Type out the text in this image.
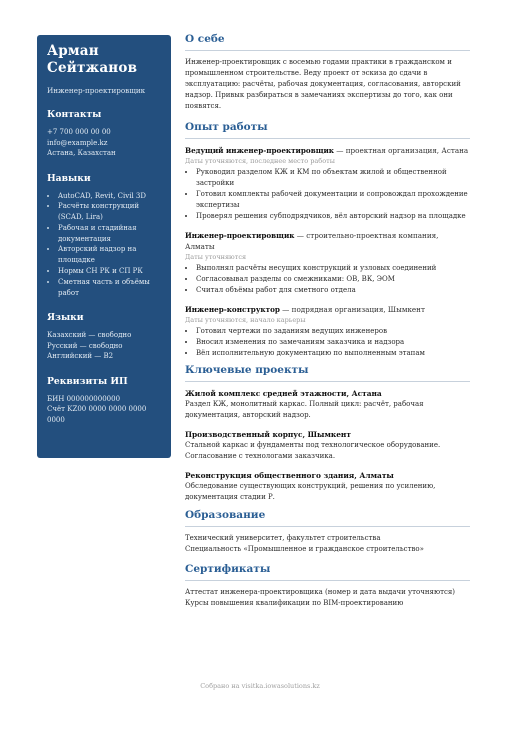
Арман
Сейтжанов
Инженер-проектировщик
Контакты
+7 700 000 00 00
info@example.kz
Астана, Казахстан
Навыки
• AutoCAD, Revit, Civil 3D
• Расчёты конструкций (SCAD, Lira)
• Рабочая и стадийная документация
• Авторский надзор на площадке
• Нормы СН РК и СП РК
• Сметная часть и объёмы работ
Языки
Казахский — свободно
Русский — свободно
Английский — B2
Реквизиты ИП
БИН 000000000000
Счёт KZ00 0000 0000 0000 0000
О себе
Инженер-проектировщик с восемью годами практики в гражданском и промышленном строительстве. Веду проект от эскиза до сдачи в эксплуатацию: расчёты, рабочая документация, согласования, авторский надзор. Привык разбираться в замечаниях экспертизы до того, как они появятся.
Опыт работы
Ведущий инженер-проектировщик — проектная организация, Астана
Даты уточняются, последнее место работы
• Руководил разделом КЖ и КМ по объектам жилой и общественной застройки
• Готовил комплекты рабочей документации и сопровождал прохождение экспертизы
• Проверял решения субподрядчиков, вёл авторский надзор на площадке
Инженер-проектировщик — строительно-проектная компания, Алматы
Даты уточняются
• Выполнял расчёты несущих конструкций и узловых соединений
• Согласовывал разделы со смежниками: ОВ, ВК, ЭОМ
• Считал объёмы работ для сметного отдела
Инженер-конструктор — подрядная организация, Шымкент
Даты уточняются, начало карьеры
• Готовил чертежи по заданиям ведущих инженеров
• Вносил изменения по замечаниям заказчика и надзора
• Вёл исполнительную документацию по выполненным этапам
Ключевые проекты
Жилой комплекс средней этажности, Астана
Раздел КЖ, монолитный каркас. Полный цикл: расчёт, рабочая документация, авторский надзор.
Производственный корпус, Шымкент
Стальной каркас и фундаменты под технологическое оборудование. Согласование с технологами заказчика.
Реконструкция общественного здания, Алматы
Обследование существующих конструкций, решения по усилению, документация стадии Р.
Образование
Технический университет, факультет строительства
Специальность «Промышленное и гражданское строительство»
Сертификаты
Аттестат инженера-проектировщика (номер и дата выдачи уточняются)
Курсы повышения квалификации по BIM-проектированию
Собрано на visitka.iowasolutions.kz
